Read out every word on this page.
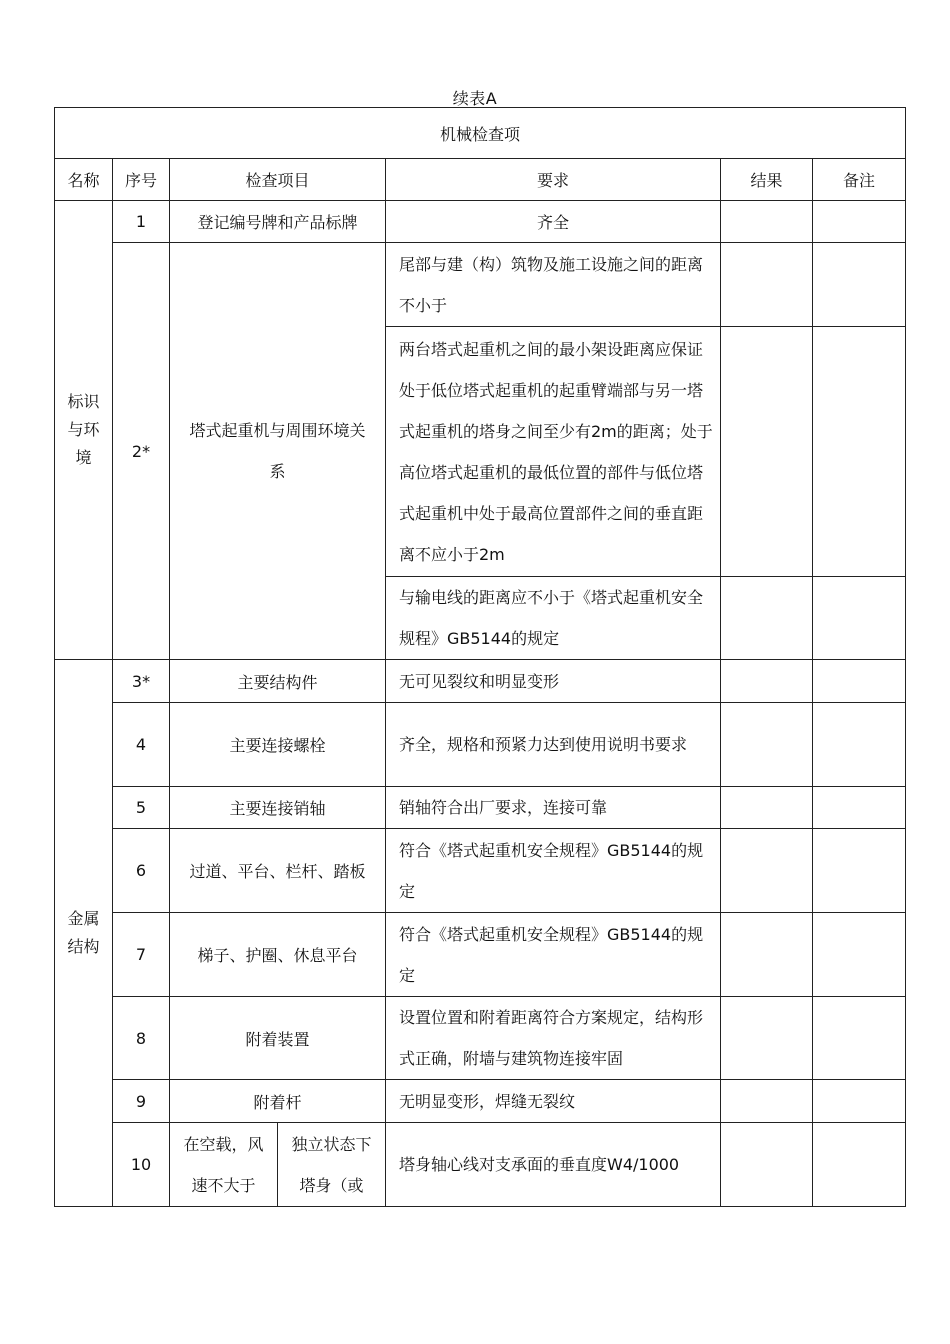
续表A
机械检查项						
名称	序号	检查项目		要求	结果	备注
标识与环境	1	登记编号牌和产品标牌		齐全		
	2*	塔式起重机与周围环境关系		尾部与建（构）筑物及施工设施之间的距离不小于		
				两台塔式起重机之间的最小架设距离应保证处于低位塔式起重机的起重臂端部与另一塔式起重机的塔身之间至少有2m的距离；处于高位塔式起重机的最低位置的部件与低位塔式起重机中处于最高位置部件之间的垂直距离不应小于2m		
				与输电线的距离应不小于《塔式起重机安全规程》GB5144的规定		
金属结构	3*	主要结构件		无可见裂纹和明显变形		
	4	主要连接螺栓		齐全，规格和预紧力达到使用说明书要求		
	5	主要连接销轴		销轴符合出厂要求，连接可靠		
	6	过道、平台、栏杆、踏板		符合《塔式起重机安全规程》GB5144的规定		
	7	梯子、护圈、休息平台		符合《塔式起重机安全规程》GB5144的规定		
	8	附着装置		设置位置和附着距离符合方案规定，结构形式正确，附墙与建筑物连接牢固		
	9	附着杆		无明显变形，焊缝无裂纹		
	10	在空载，风速不大于	独立状态下塔身（或	塔身轴心线对支承面的垂直度W4/1000		
